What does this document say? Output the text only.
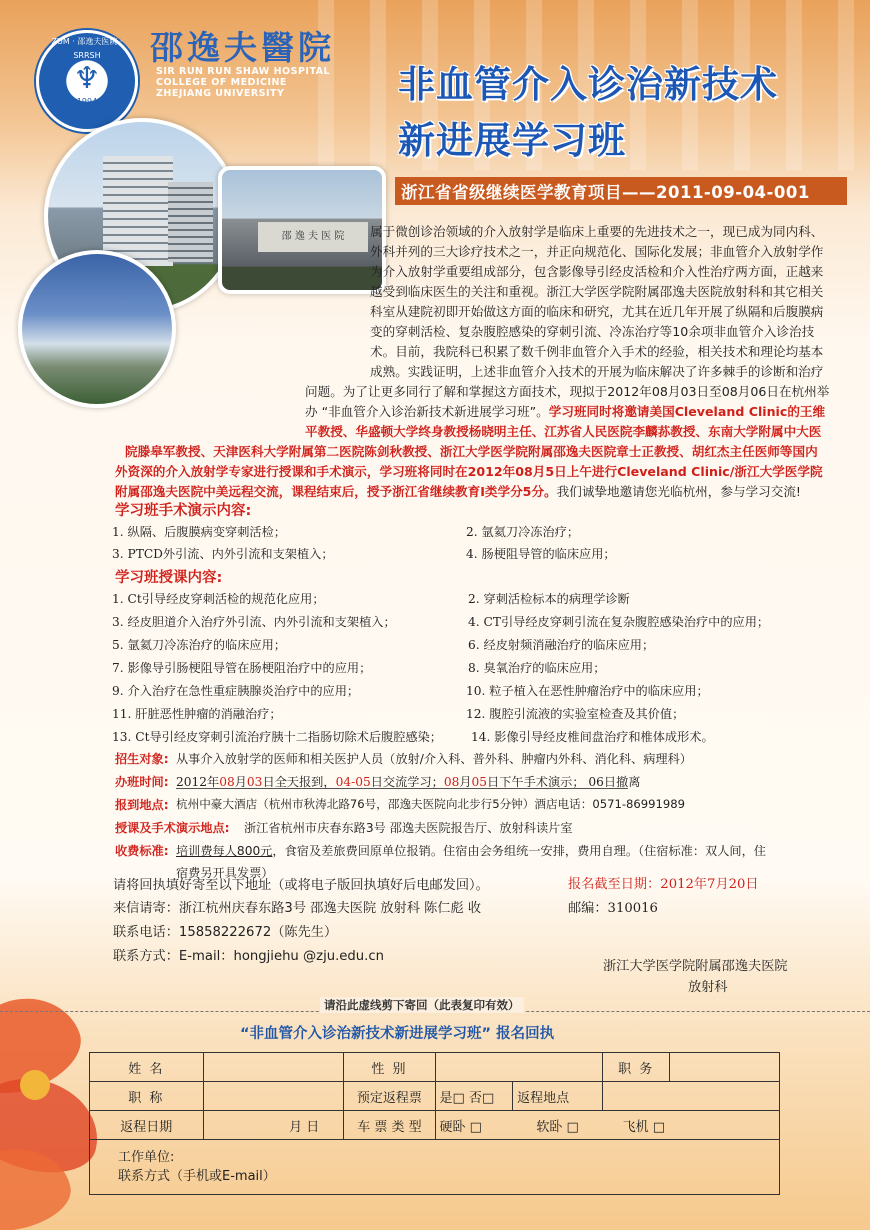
ZUM · 邵逸夫医院 · SRRSH
♆
1994
邵逸夫醫院
SIR RUN RUN SHAW HOSPITAL
COLLEGE OF MEDICINE
ZHEJIANG UNIVERSITY	非血管介入诊治新技术
新进展学习班
浙江省省级继续医学教育项目——2011-09-04-001
邵 逸 夫 医 院	属于微创诊治领域的介入放射学是临床上重要的先进技术之一，现已成为同内科、外科并列的三大诊疗技术之一，并正向规范化、国际化发展；非血管介入放射学作为介入放射学重要组成部分，包含影像导引经皮活检和介入性治疗两方面，正越来越受到临床医生的关注和重视。浙江大学医学院附属邵逸夫医院放射科和其它相关科室从建院初即开始做这方面的临床和研究，尤其在近几年开展了纵隔和后腹膜病变的穿刺活检、复杂腹腔感染的穿刺引流、冷冻治疗等10余项非血管介入诊治技术。目前，我院科已积累了数千例非血管介入手术的经验，相关技术和理论均基本成熟。实践证明，上述非血管介入技术的开展为临床解决了许多棘手的诊断和治疗问题。为了让更多同行了解和掌握这方面技术，现拟于2012年08月03日至08月06日在杭州举办 “非血管介入诊治新技术新进展学习班”。学习班同时将邀请美国Cleveland Clinic的王维平教授、华盛顿大学终身教授杨晓明主任、江苏省人民医院李麟荪教授、东南大学附属中大医院滕皋军教授、天津医科大学附属第二医院陈剑秋教授、浙江大学医学院附属邵逸夫医院章士正教授、胡红杰主任医师等国内外资深的介入放射学专家进行授课和手术演示，学习班将同时在2012年08月5日上午进行Cleveland Clinic/浙江大学医学院附属邵逸夫医院中美远程交流，课程结束后，授予浙江省继续教育Ⅰ类学分5分。我们诚挚地邀请您光临杭州，参与学习交流!
学习班手术演示内容:
1. 纵隔、后腹膜病变穿刺活检；	2. 氩氦刀冷冻治疗；
3. PTCD外引流、内外引流和支架植入；	4. 肠梗阻导管的临床应用；
学习班授课内容:
1. Ct引导经皮穿刺活检的规范化应用；	2. 穿刺活检标本的病理学诊断
3. 经皮胆道介入治疗外引流、内外引流和支架植入；	4. CT引导经皮穿刺引流在复杂腹腔感染治疗中的应用；
5. 氩氦刀冷冻治疗的临床应用；	6. 经皮射频消融治疗的临床应用；
7. 影像导引肠梗阻导管在肠梗阻治疗中的应用；	8. 臭氧治疗的临床应用；
9. 介入治疗在急性重症胰腺炎治疗中的应用；	10. 粒子植入在恶性肿瘤治疗中的临床应用；
11. 肝脏恶性肿瘤的消融治疗；	12. 腹腔引流液的实验室检查及其价值；
13. Ct导引经皮穿刺引流治疗胰十二指肠切除术后腹腔感染； 14. 影像引导经皮椎间盘治疗和椎体成形术。
招生对象: 从事介入放射学的医师和相关医护人员（放射/介入科、普外科、肿瘤内外科、消化科、病理科）
办班时间: 2012年08月03日全天报到，04-05日交流学习；08月05日下午手术演示； 06日撤离
报到地点: 杭州中豪大酒店（杭州市秋涛北路76号，邵逸夫医院向北步行5分钟）酒店电话：0571-86991989
授课及手术演示地点: 浙江省杭州市庆春东路3号 邵逸夫医院报告厅、放射科读片室
收费标准: 培训费每人800元，食宿及差旅费回原单位报销。住宿由会务组统一安排，费用自理。（住宿标准：双人间，住
宿费另开具发票）
请将回执填好寄至以下地址（或将电子版回执填好后电邮发回）。	报名截至日期：2012年7月20日
来信请寄：浙江杭州庆春东路3号 邵逸夫医院 放射科 陈仁彪 收	邮编：310016
联系电话：15858222672（陈先生）
联系方式：E-mail：hongjiehu @zju.edu.cn
浙江大学医学院附属邵逸夫医院
放射科
请沿此虚线剪下寄回（此表复印有效）
“非血管介入诊治新技术新进展学习班” 报名回执
姓 名		性 别			职 务	
职 称		预定返程票	是□ 否□	返程地点		
返程日期	月 日	车 票 类 型	硬卧 □	软卧 □	飞机 □	

工作单位:
联系方式（手机或E-mail）						
